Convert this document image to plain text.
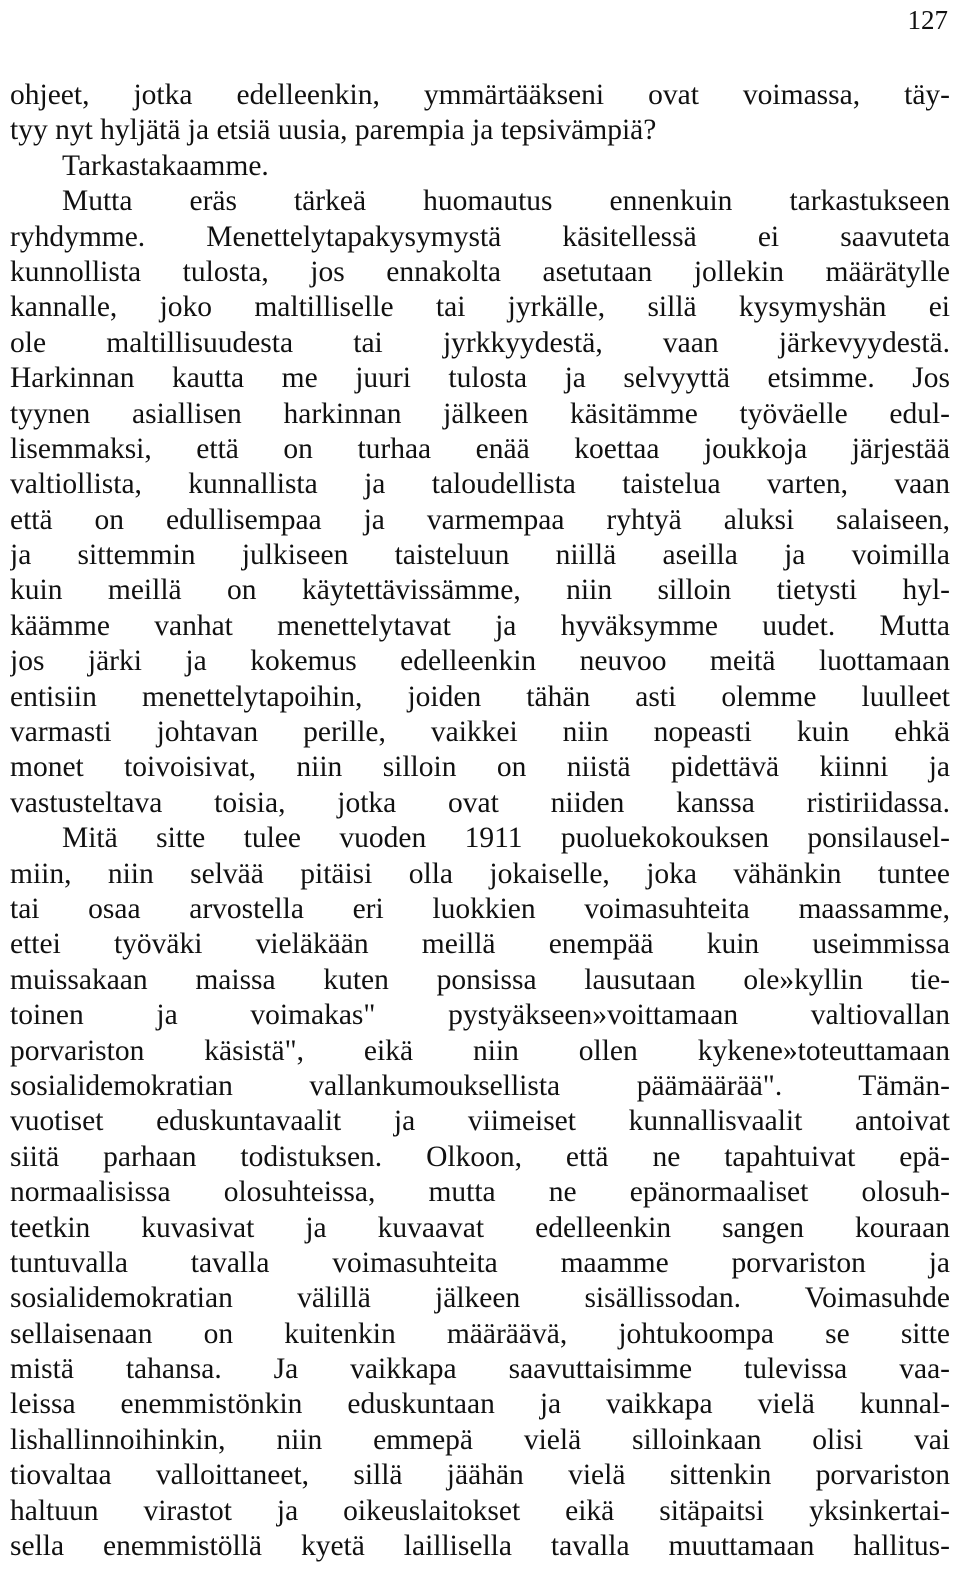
127
ohjeet, jotka edelleenkin, ymmärtääkseni ovat voimassa, täy-
tyy nyt hyljätä ja etsiä uusia, parempia ja tepsivämpiä?
Tarkastakaamme.
Mutta eräs tärkeä huomautus ennenkuin tarkastukseen
ryhdymme. Menettelytapakysymystä käsitellessä ei saavuteta
kunnollista tulosta, jos ennakolta asetutaan jollekin määrätylle
kannalle, joko maltilliselle tai jyrkälle, sillä kysymyshän ei
ole maltillisuudesta tai jyrkkyydestä, vaan järkevyydestä.
Harkinnan kautta me juuri tulosta ja selvyyttä etsimme. Jos
tyynen asiallisen harkinnan jälkeen käsitämme työväelle edul-
lisemmaksi, että on turhaa enää koettaa joukkoja järjestää
valtiollista, kunnallista ja taloudellista taistelua varten, vaan
että on edullisempaa ja varmempaa ryhtyä aluksi salaiseen,
ja sittemmin julkiseen taisteluun niillä aseilla ja voimilla
kuin meillä on käytettävissämme, niin silloin tietysti hyl-
käämme vanhat menettelytavat ja hyväksymme uudet. Mutta
jos järki ja kokemus edelleenkin neuvoo meitä luottamaan
entisiin menettelytapoihin, joiden tähän asti olemme luulleet
varmasti johtavan perille, vaikkei niin nopeasti kuin ehkä
monet toivoisivat, niin silloin on niistä pidettävä kiinni ja
vastusteltava toisia, jotka ovat niiden kanssa ristiriidassa.
Mitä sitte tulee vuoden 1911 puoluekokouksen ponsilausel-
miin, niin selvää pitäisi olla jokaiselle, joka vähänkin tuntee
tai osaa arvostella eri luokkien voimasuhteita maassamme,
ettei työväki vieläkään meillä enempää kuin useimmissa
muissakaan maissa kuten ponsissa lausutaan ole»kyllin tie-
toinen ja voimakas" pystyäkseen»voittamaan valtiovallan
porvariston käsistä", eikä niin ollen kykene»toteuttamaan
sosialidemokratian vallankumouksellista päämäärää". Tämän-
vuotiset eduskuntavaalit ja viimeiset kunnallisvaalit antoivat
siitä parhaan todistuksen. Olkoon, että ne tapahtuivat epä-
normaalisissa olosuhteissa, mutta ne epänormaaliset olosuh-
teetkin kuvasivat ja kuvaavat edelleenkin sangen kouraan
tuntuvalla tavalla voimasuhteita maamme porvariston ja
sosialidemokratian välillä jälkeen sisällissodan. Voimasuhde
sellaisenaan on kuitenkin määräävä, johtukoompa se sitte
mistä tahansa. Ja vaikkapa saavuttaisimme tulevissa vaa-
leissa enemmistönkin eduskuntaan ja vaikkapa vielä kunnal-
lishallinnoihinkin, niin emmepä vielä silloinkaan olisi vai
tiovaltaa valloittaneet, sillä jäähän vielä sittenkin porvariston
haltuun virastot ja oikeuslaitokset eikä sitäpaitsi yksinkertai-
sella enemmistöllä kyetä laillisella tavalla muuttamaan hallitus-
